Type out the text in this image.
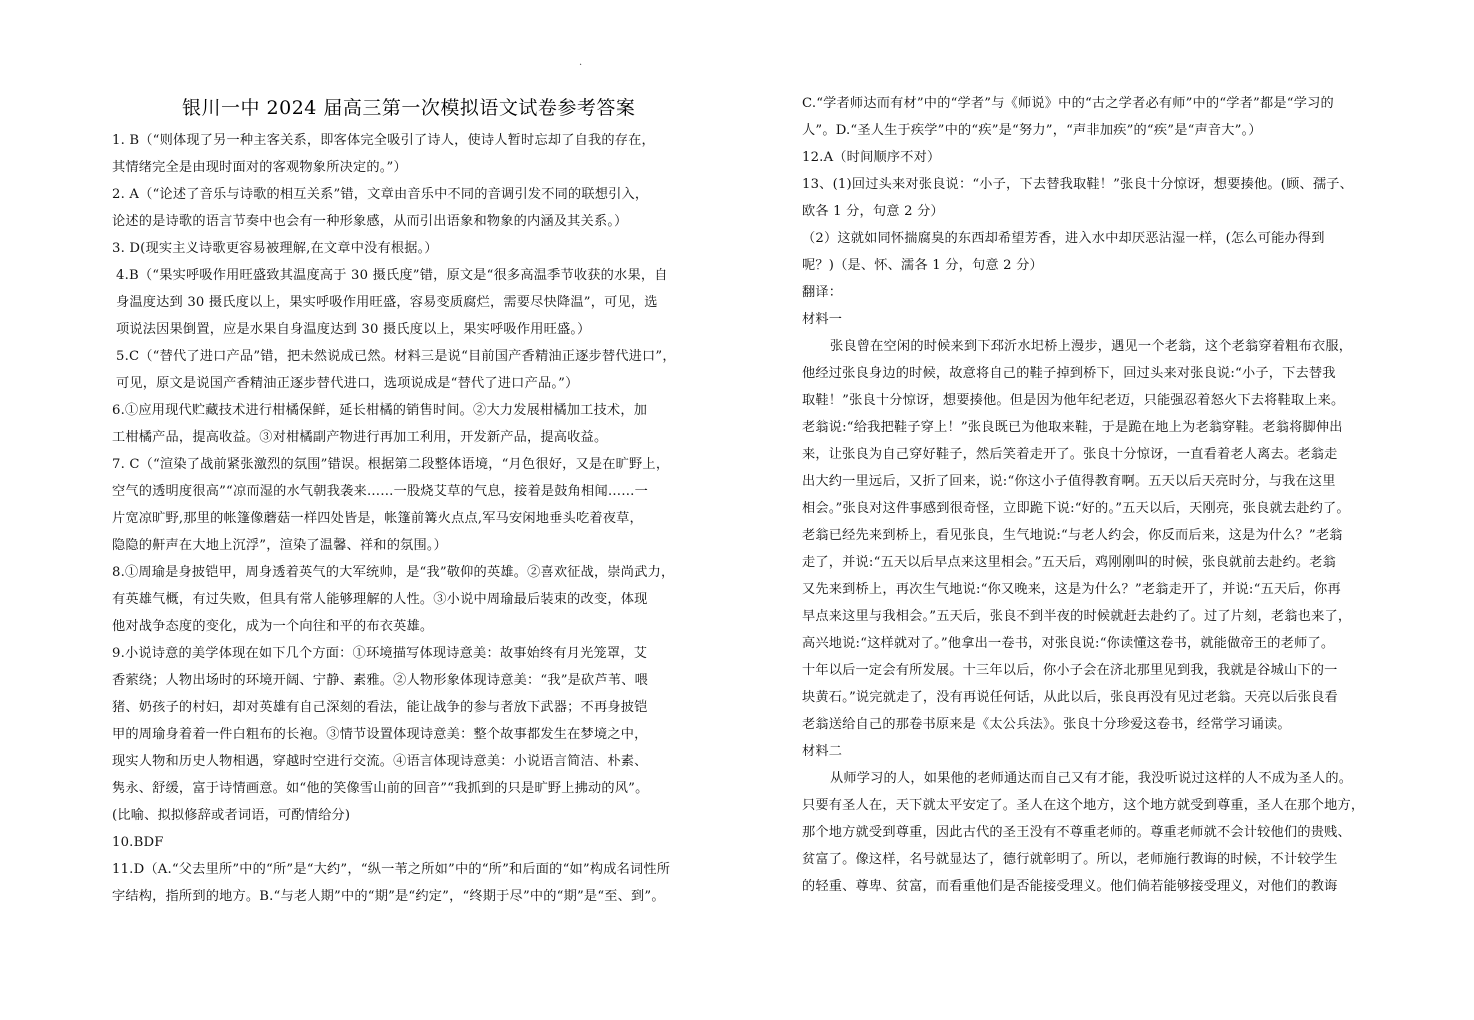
·
银川一中 2024 届高三第一次模拟语文试卷参考答案
1. B（“则体现了另一种主客关系，即客体完全吸引了诗人，使诗人暂时忘却了自我的存在，
其情绪完全是由现时面对的客观物象所决定的。”）
2. A（“论述了音乐与诗歌的相互关系”错，文章由音乐中不同的音调引发不同的联想引入，
论述的是诗歌的语言节奏中也会有一种形象感，从而引出语象和物象的内涵及其关系。）
3. D(现实主义诗歌更容易被理解,在文章中没有根据。）
4.B（“果实呼吸作用旺盛致其温度高于 30 摄氏度”错，原文是“很多高温季节收获的水果，自
身温度达到 30 摄氏度以上，果实呼吸作用旺盛，容易变质腐烂，需要尽快降温”，可见，选
项说法因果倒置，应是水果自身温度达到 30 摄氏度以上，果实呼吸作用旺盛。）
5.C（“替代了进口产品”错，把未然说成已然。材料三是说“目前国产香精油正逐步替代进口”，
可见，原文是说国产香精油正逐步替代进口，选项说成是“替代了进口产品。”）
6.①应用现代贮藏技术进行柑橘保鲜，延长柑橘的销售时间。②大力发展柑橘加工技术，加
工柑橘产品，提高收益。③对柑橘副产物进行再加工利用，开发新产品，提高收益。
7. C（“渲染了战前紧张激烈的氛围”错误。根据第二段整体语境，“月色很好，又是在旷野上，
空气的透明度很高”“凉而湿的水气朝我袭来……一股烧艾草的气息，接着是鼓角相闻……一
片宽凉旷野,那里的帐篷像蘑菇一样四处皆是，帐篷前篝火点点,军马安闲地垂头吃着夜草，
隐隐的鼾声在大地上沉浮”，渲染了温馨、祥和的氛围。）
8.①周瑜是身披铠甲，周身透着英气的大军统帅，是“我”敬仰的英雄。②喜欢征战，崇尚武力，
有英雄气概，有过失败，但具有常人能够理解的人性。③小说中周瑜最后装束的改变，体现
他对战争态度的变化，成为一个向往和平的布衣英雄。
9.小说诗意的美学体现在如下几个方面：①环境描写体现诗意美：故事始终有月光笼罩，艾
香萦绕；人物出场时的环境开阔、宁静、素雅。②人物形象体现诗意美：“我”是砍芦苇、喂
猪、奶孩子的村妇，却对英雄有自己深刻的看法，能让战争的参与者放下武器；不再身披铠
甲的周瑜身着着一件白粗布的长袍。③情节设置体现诗意美：整个故事都发生在梦境之中，
现实人物和历史人物相遇，穿越时空进行交流。④语言体现诗意美：小说语言简洁、朴素、
隽永、舒缓，富于诗情画意。如“他的笑像雪山前的回音”“我抓到的只是旷野上拂动的风”。
(比喻、拟拟修辞或者词语，可酌情给分)
10.BDF
11.D（A.“父去里所”中的“所”是“大约”，“纵一苇之所如”中的“所”和后面的“如”构成名词性所
字结构，指所到的地方。B.“与老人期”中的“期”是“约定”，“终期于尽”中的“期”是“至、到”。
C.“学者师达而有材”中的“学者”与《师说》中的“古之学者必有师”中的“学者”都是“学习的
人”。D.“圣人生于疾学”中的“疾”是“努力”，“声非加疾”的“疾”是“声音大”。）
12.A（时间顺序不对）
13、(1)回过头来对张良说：“小子，下去替我取鞋！”张良十分惊讶，想要揍他。(顾、孺子、
欧各 1 分，句意 2 分）
（2）这就如同怀揣腐臭的东西却希望芳香，进入水中却厌恶沾湿一样，(怎么可能办得到
呢？)（是、怀、濡各 1 分，句意 2 分）
翻译：
材料一
张良曾在空闲的时候来到下邳沂水圯桥上漫步，遇见一个老翁，这个老翁穿着粗布衣服，
他经过张良身边的时候，故意将自己的鞋子掉到桥下，回过头来对张良说:“小子，下去替我
取鞋！”张良十分惊讶，想要揍他。但是因为他年纪老迈，只能强忍着怒火下去将鞋取上来。
老翁说:“给我把鞋子穿上！”张良既已为他取来鞋，于是跪在地上为老翁穿鞋。老翁将脚伸出
来，让张良为自己穿好鞋子，然后笑着走开了。张良十分惊讶，一直看着老人离去。老翁走
出大约一里远后，又折了回来，说:“你这小子值得教育啊。五天以后天亮时分，与我在这里
相会。”张良对这件事感到很奇怪，立即跪下说:“好的。”五天以后，天刚亮，张良就去赴约了。
老翁已经先来到桥上，看见张良，生气地说:“与老人约会，你反而后来，这是为什么？”老翁
走了，并说:“五天以后早点来这里相会。”五天后，鸡刚刚叫的时候，张良就前去赴约。老翁
又先来到桥上，再次生气地说:“你又晚来，这是为什么？”老翁走开了，并说:“五天后，你再
早点来这里与我相会。”五天后，张良不到半夜的时候就赶去赴约了。过了片刻，老翁也来了，
高兴地说:“这样就对了。”他拿出一卷书，对张良说:“你读懂这卷书，就能做帝王的老师了。
十年以后一定会有所发展。十三年以后，你小子会在济北那里见到我，我就是谷城山下的一
块黄石。”说完就走了，没有再说任何话，从此以后，张良再没有见过老翁。天亮以后张良看
老翁送给自己的那卷书原来是《太公兵法》。张良十分珍爱这卷书，经常学习诵读。
材料二
从师学习的人，如果他的老师通达而自己又有才能，我没听说过这样的人不成为圣人的。
只要有圣人在，天下就太平安定了。圣人在这个地方，这个地方就受到尊重，圣人在那个地方，
那个地方就受到尊重，因此古代的圣王没有不尊重老师的。尊重老师就不会计较他们的贵贱、
贫富了。像这样，名号就显达了，德行就彰明了。所以，老师施行教诲的时候，不计较学生
的轻重、尊卑、贫富，而看重他们是否能接受理义。他们倘若能够接受理义，对他们的教诲
